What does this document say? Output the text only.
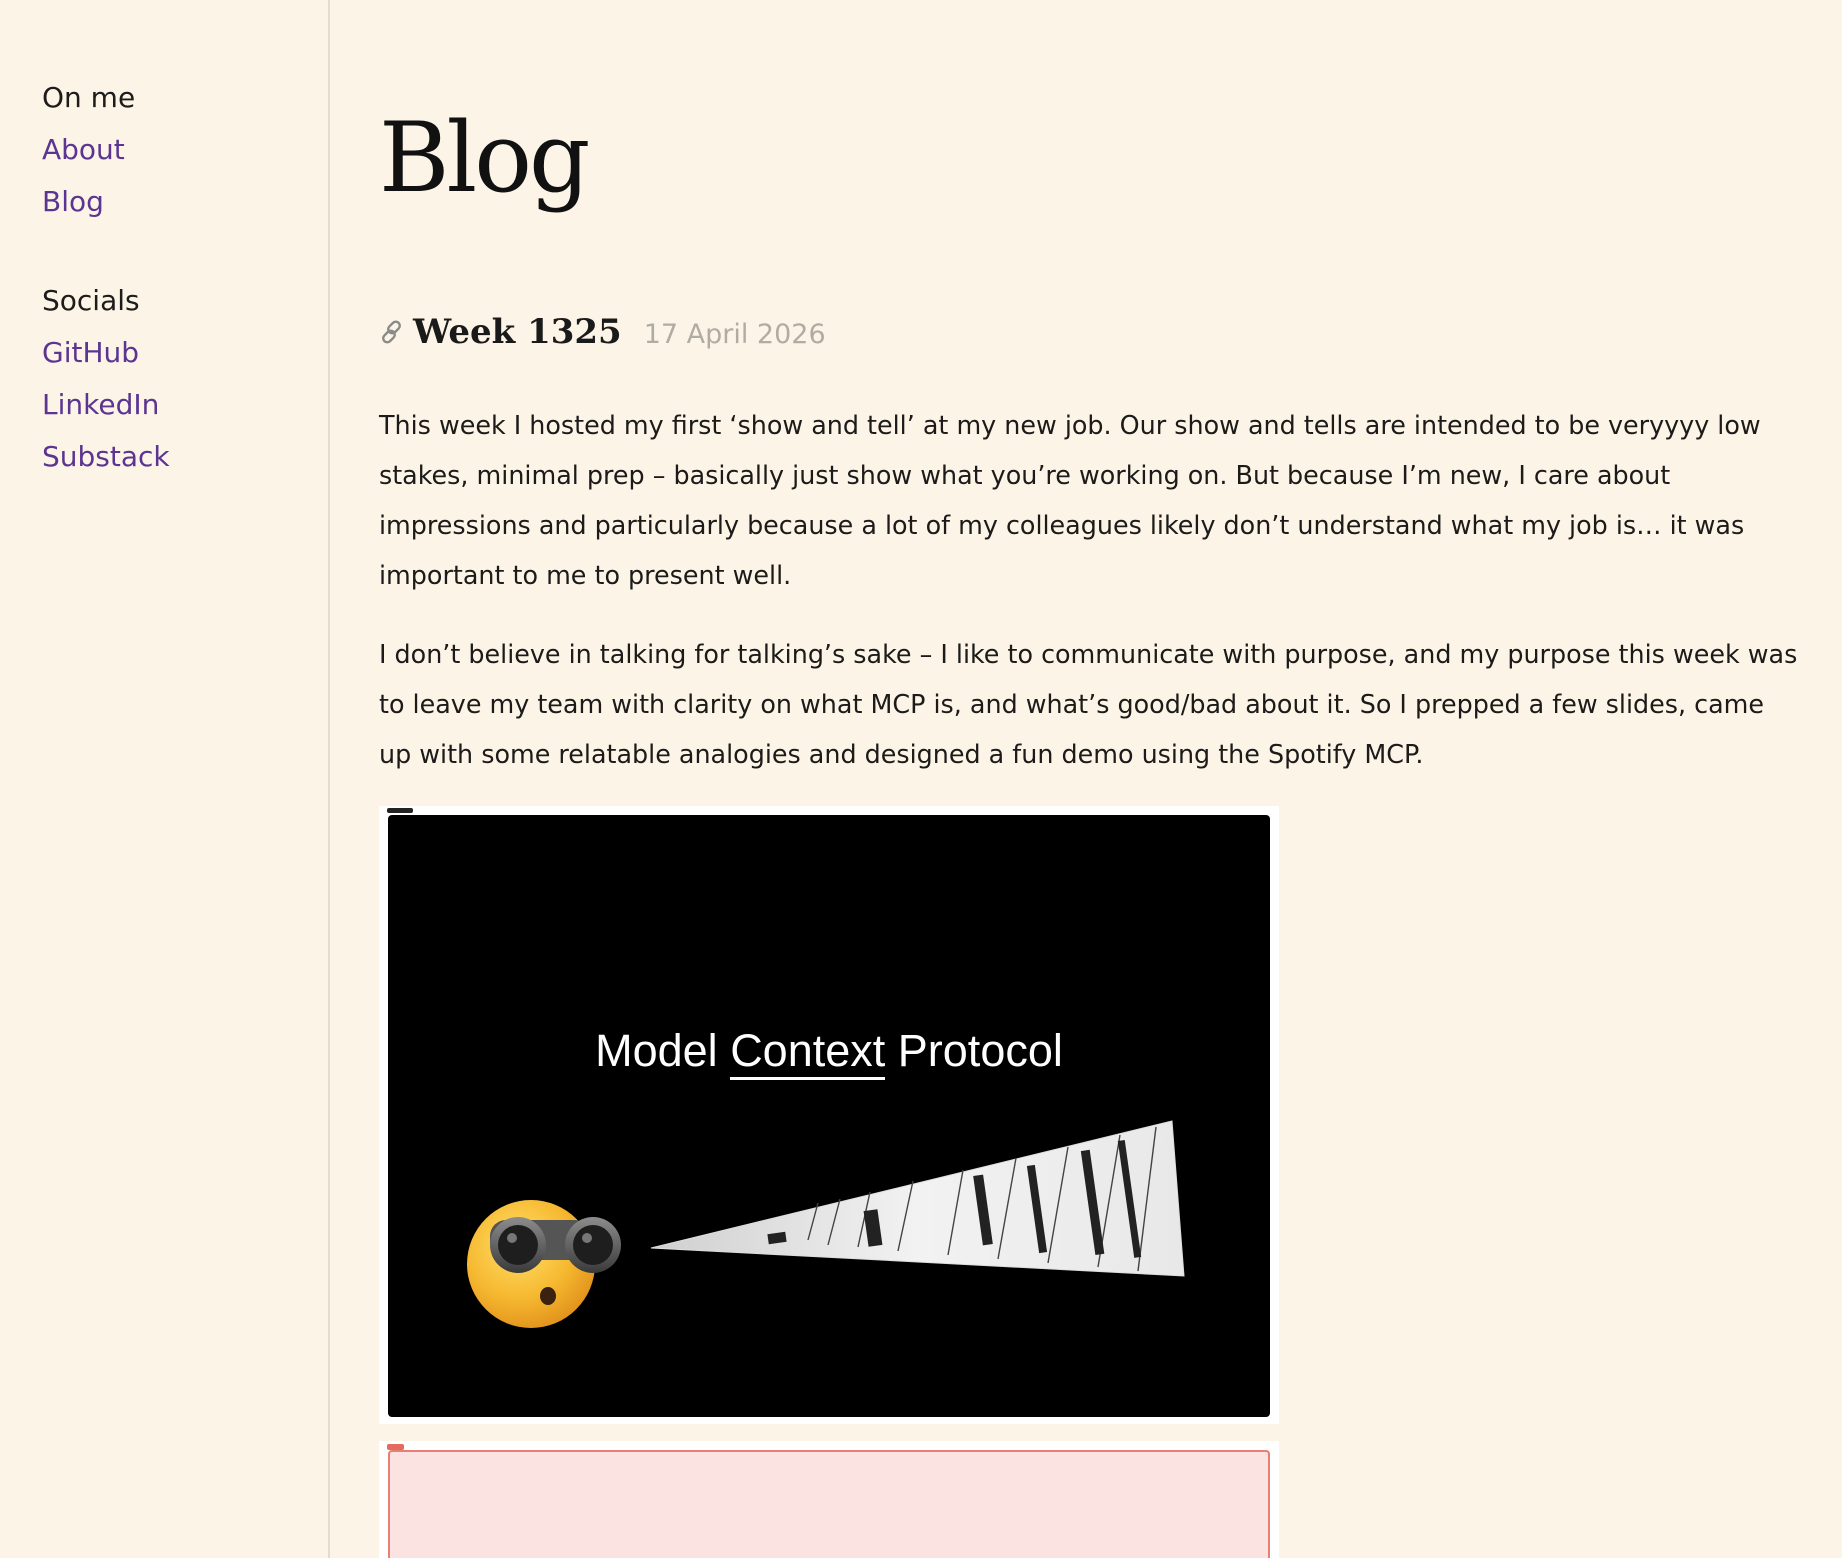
On me
About
Blog
Socials
GitHub
LinkedIn
Substack
Blog
Week 1325 17 April 2026

This week I hosted my first ‘show and tell’ at my new job. Our show and tells are intended to be veryyyy low stakes, minimal prep – basically just show what you’re working on. But because I’m new, I care about impressions and particularly because a lot of my colleagues likely don’t understand what my job is… it was important to me to present well.

I don’t believe in talking for talking’s sake – I like to communicate with purpose, and my purpose this week was to leave my team with clarity on what MCP is, and what’s good/bad about it. So I prepped a few slides, came up with some relatable analogies and designed a fun demo using the Spotify MCP.

Model Context Protocol
